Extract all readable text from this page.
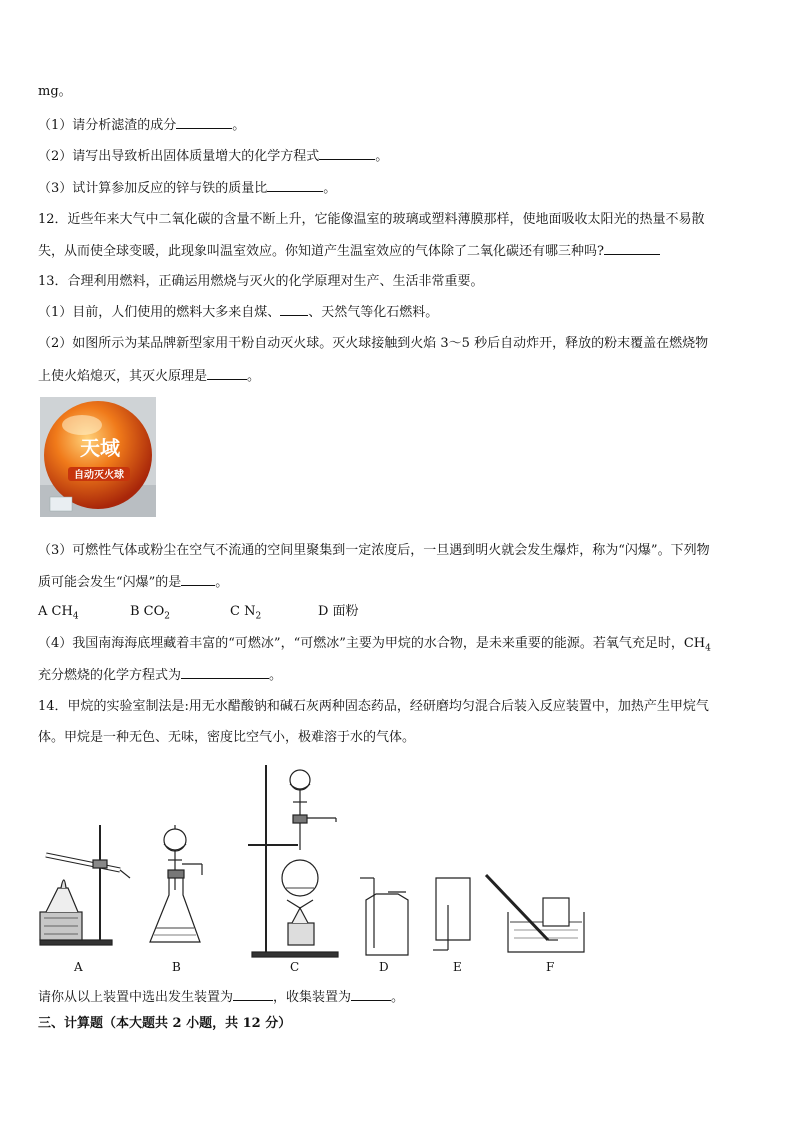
mg。
（1）请分析滤渣的成分	。
（2）请写出导致析出固体质量增大的化学方程式	。
（3）试计算参加反应的锌与铁的质量比	。
12．近些年来大气中二氧化碳的含量不断上升，它能像温室的玻璃或塑料薄膜那样，使地面吸收太阳光的热量不易散
失，从而使全球变暖，此现象叫温室效应。你知道产生温室效应的气体除了二氧化碳还有哪三种吗?
13．合理利用燃料，正确运用燃烧与灭火的化学原理对生产、生活非常重要。
（1）目前，人们使用的燃料大多来自煤、 、天然气等化石燃料。
（2）如图所示为某品牌新型家用干粉自动灭火球。灭火球接触到火焰 3～5 秒后自动炸开，释放的粉末覆盖在燃烧物
上使火焰熄灭，其灭火原理是	。
天域
自动灭火球
（3）可燃性气体或粉尘在空气不流通的空间里聚集到一定浓度后，一旦遇到明火就会发生爆炸，称为“闪爆”。下列物
质可能会发生“闪爆”的是	。
A $CH_4$	B $CO_2$	C $N_2$	D 面粉
（4）我国南海海底埋藏着丰富的“可燃冰”，“可燃冰”主要为甲烷的水合物，是未来重要的能源。若氧气充足时，$CH_4$
充分燃烧的化学方程式为	。
14．甲烷的实验室制法是:用无水醋酸钠和碱石灰两种固态药品，经研磨均匀混合后装入反应装置中，加热产生甲烷气
体。甲烷是一种无色、无味，密度比空气小，极难溶于水的气体。
A	B	C	D	E	F
请你从以上装置中选出发生装置为	，收集装置为	。
三、计算题（本大题共 2 小题，共 12 分）
